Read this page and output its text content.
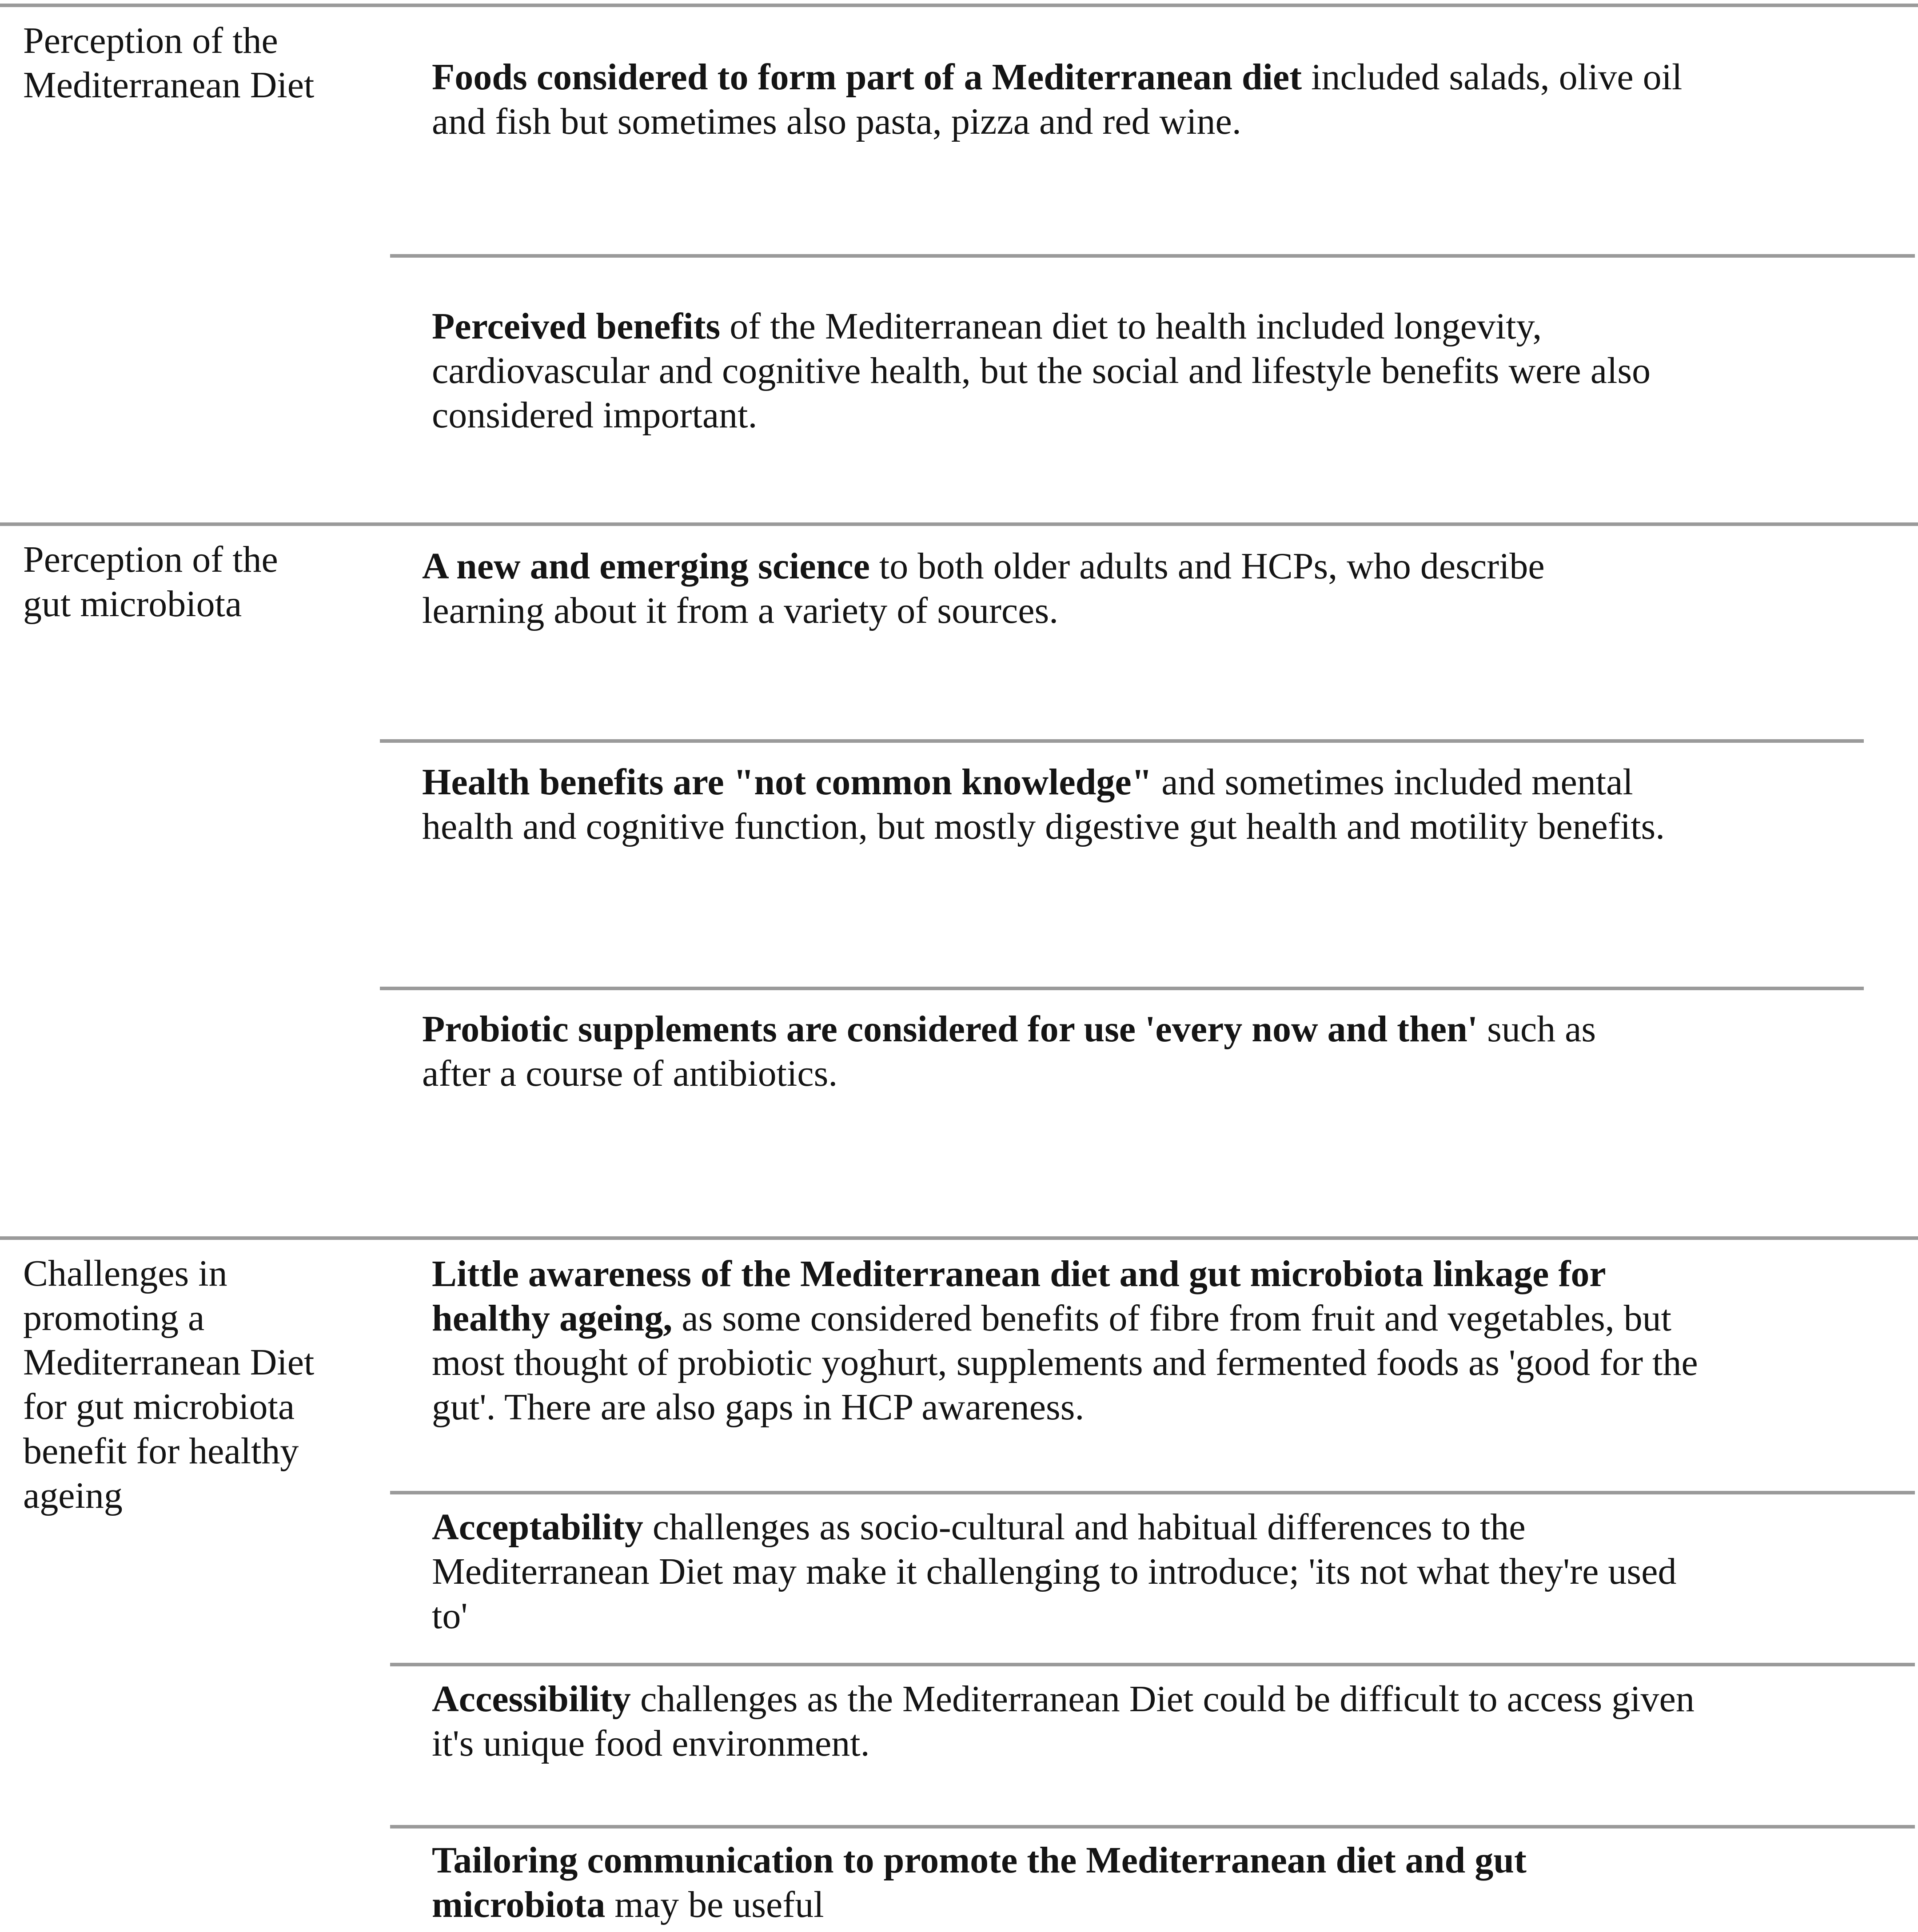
Perception of the
Mediterranean Diet	Foods considered to form part of a Mediterranean diet included salads, olive oil
and fish but sometimes also pasta, pizza and red wine.
Perceived benefits of the Mediterranean diet to health included longevity,
cardiovascular and cognitive health, but the social and lifestyle benefits were also
considered important.
Perception of the
gut microbiota
A new and emerging science to both older adults and HCPs, who describe
learning about it from a variety of sources.
Health benefits are "not common knowledge" and sometimes included mental
health and cognitive function, but mostly digestive gut health and motility benefits.
Probiotic supplements are considered for use 'every now and then' such as
after a course of antibiotics.
Challenges in
promoting a
Mediterranean Diet
for gut microbiota
benefit for healthy
ageing
Little awareness of the Mediterranean diet and gut microbiota linkage for
healthy ageing, as some considered benefits of fibre from fruit and vegetables, but
most thought of probiotic yoghurt, supplements and fermented foods as 'good for the
gut'. There are also gaps in HCP awareness.
Acceptability challenges as socio-cultural and habitual differences to the
Mediterranean Diet may make it challenging to introduce; 'its not what they're used
to'
Accessibility challenges as the Mediterranean Diet could be difficult to access given
it's unique food environment.
Tailoring communication to promote the Mediterranean diet and gut
microbiota may be useful
